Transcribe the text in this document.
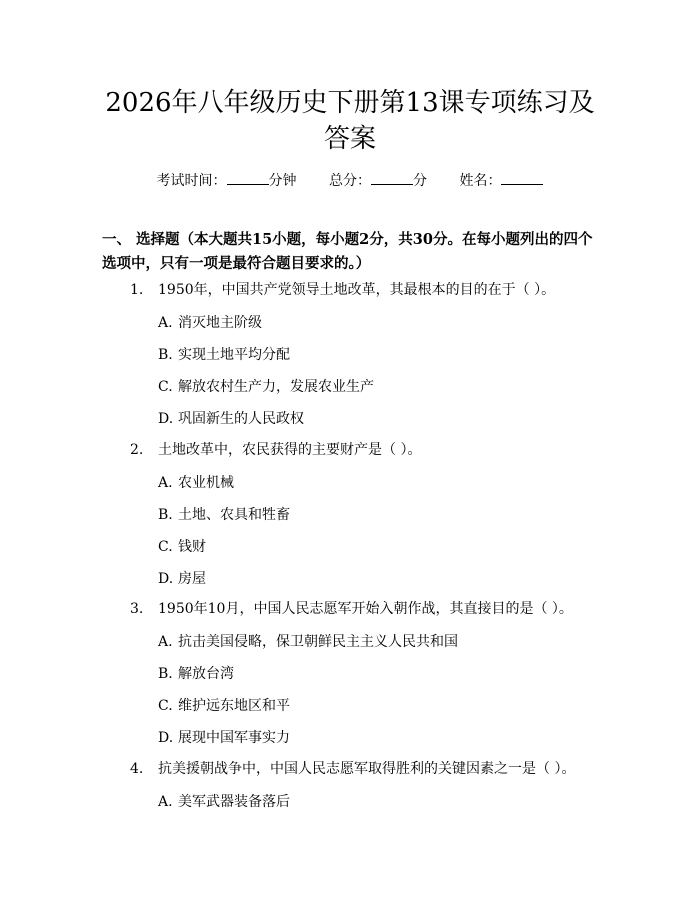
2026年八年级历史下册第13课专项练习及
答案
考试时间：	分钟 总分：	分 姓名：
一、 选择题（本大题共15小题，每小题2分，共30分。在每小题列出的四个选项中，只有一项是最符合题目要求的。）
1. 1950年，中国共产党领导土地改革，其最根本的目的在于（ ）。
A. 消灭地主阶级
B. 实现土地平均分配
C. 解放农村生产力，发展农业生产
D. 巩固新生的人民政权
2. 土地改革中，农民获得的主要财产是（ ）。
A. 农业机械
B. 土地、农具和牲畜
C. 钱财
D. 房屋
3. 1950年10月，中国人民志愿军开始入朝作战，其直接目的是（ ）。
A. 抗击美国侵略，保卫朝鲜民主主义人民共和国
B. 解放台湾
C. 维护远东地区和平
D. 展现中国军事实力
4. 抗美援朝战争中，中国人民志愿军取得胜利的关键因素之一是（ ）。
A. 美军武器装备落后
